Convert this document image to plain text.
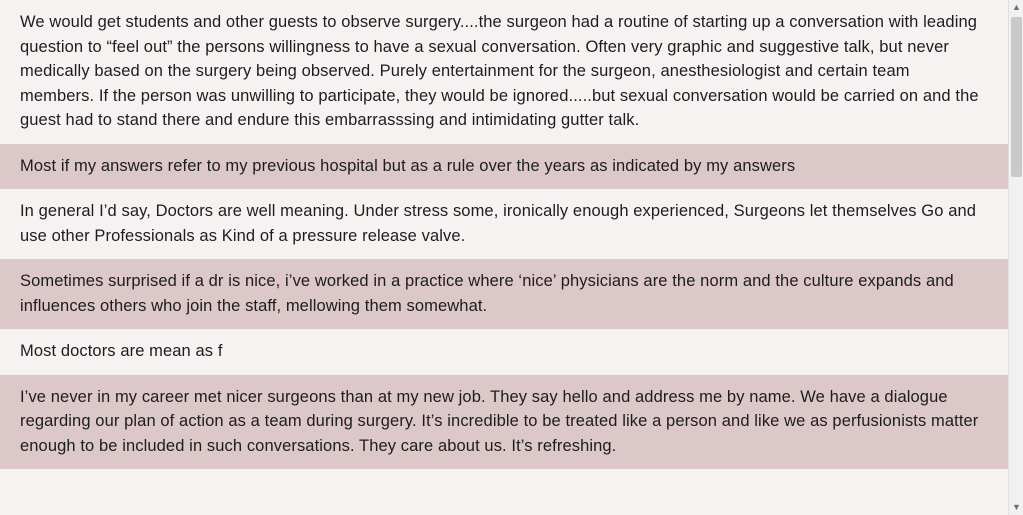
We would get students and other guests to observe surgery....the surgeon had a routine of starting up a conversation with leading question to “feel out” the persons willingness to have a sexual conversation. Often very graphic and suggestive talk, but never medically based on the surgery being observed. Purely entertainment for the surgeon, anesthesiologist and certain team members. If the person was unwilling to participate, they would be ignored.....but sexual conversation would be carried on and the guest had to stand there and endure this embarrasssing and intimidating gutter talk.

Most if my answers refer to my previous hospital but as a rule over the years as indicated by my answers

In general I’d say, Doctors are well meaning. Under stress some, ironically enough experienced, Surgeons let themselves Go and use other Professionals as Kind of a pressure release valve.

Sometimes surprised if a dr is nice, i’ve worked in a practice where ‘nice’ physicians are the norm and the culture expands and influences others who join the staff, mellowing them somewhat.

Most doctors are mean as f

I’ve never in my career met nicer surgeons than at my new job. They say hello and address me by name. We have a dialogue regarding our plan of action as a team during surgery. It’s incredible to be treated like a person and like we as perfusionists matter enough to be included in such conversations. They care about us. It’s refreshing.

▲
▼
